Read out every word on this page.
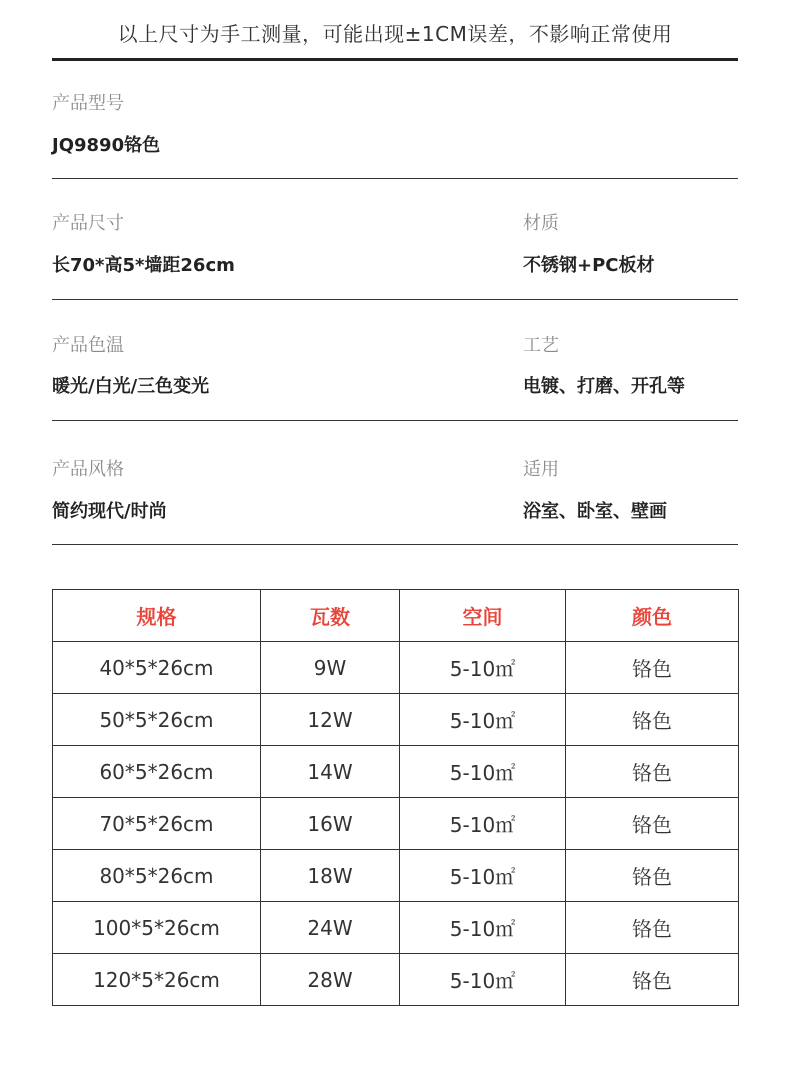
以上尺寸为手工测量，可能出现±1CM误差，不影响正常使用
产品型号
JQ9890铬色
产品尺寸
长70*高5*墙距26cm
材质
不锈钢+PC板材
产品色温
暖光/白光/三色变光
工艺
电镀、打磨、开孔等
产品风格
简约现代/时尚
适用
浴室、卧室、壁画
规格	瓦数	空间	颜色
40*5*26cm	9W	5-10㎡	铬色
50*5*26cm	12W	5-10㎡	铬色
60*5*26cm	14W	5-10㎡	铬色
70*5*26cm	16W	5-10㎡	铬色
80*5*26cm	18W	5-10㎡	铬色
100*5*26cm	24W	5-10㎡	铬色
120*5*26cm	28W	5-10㎡	铬色
